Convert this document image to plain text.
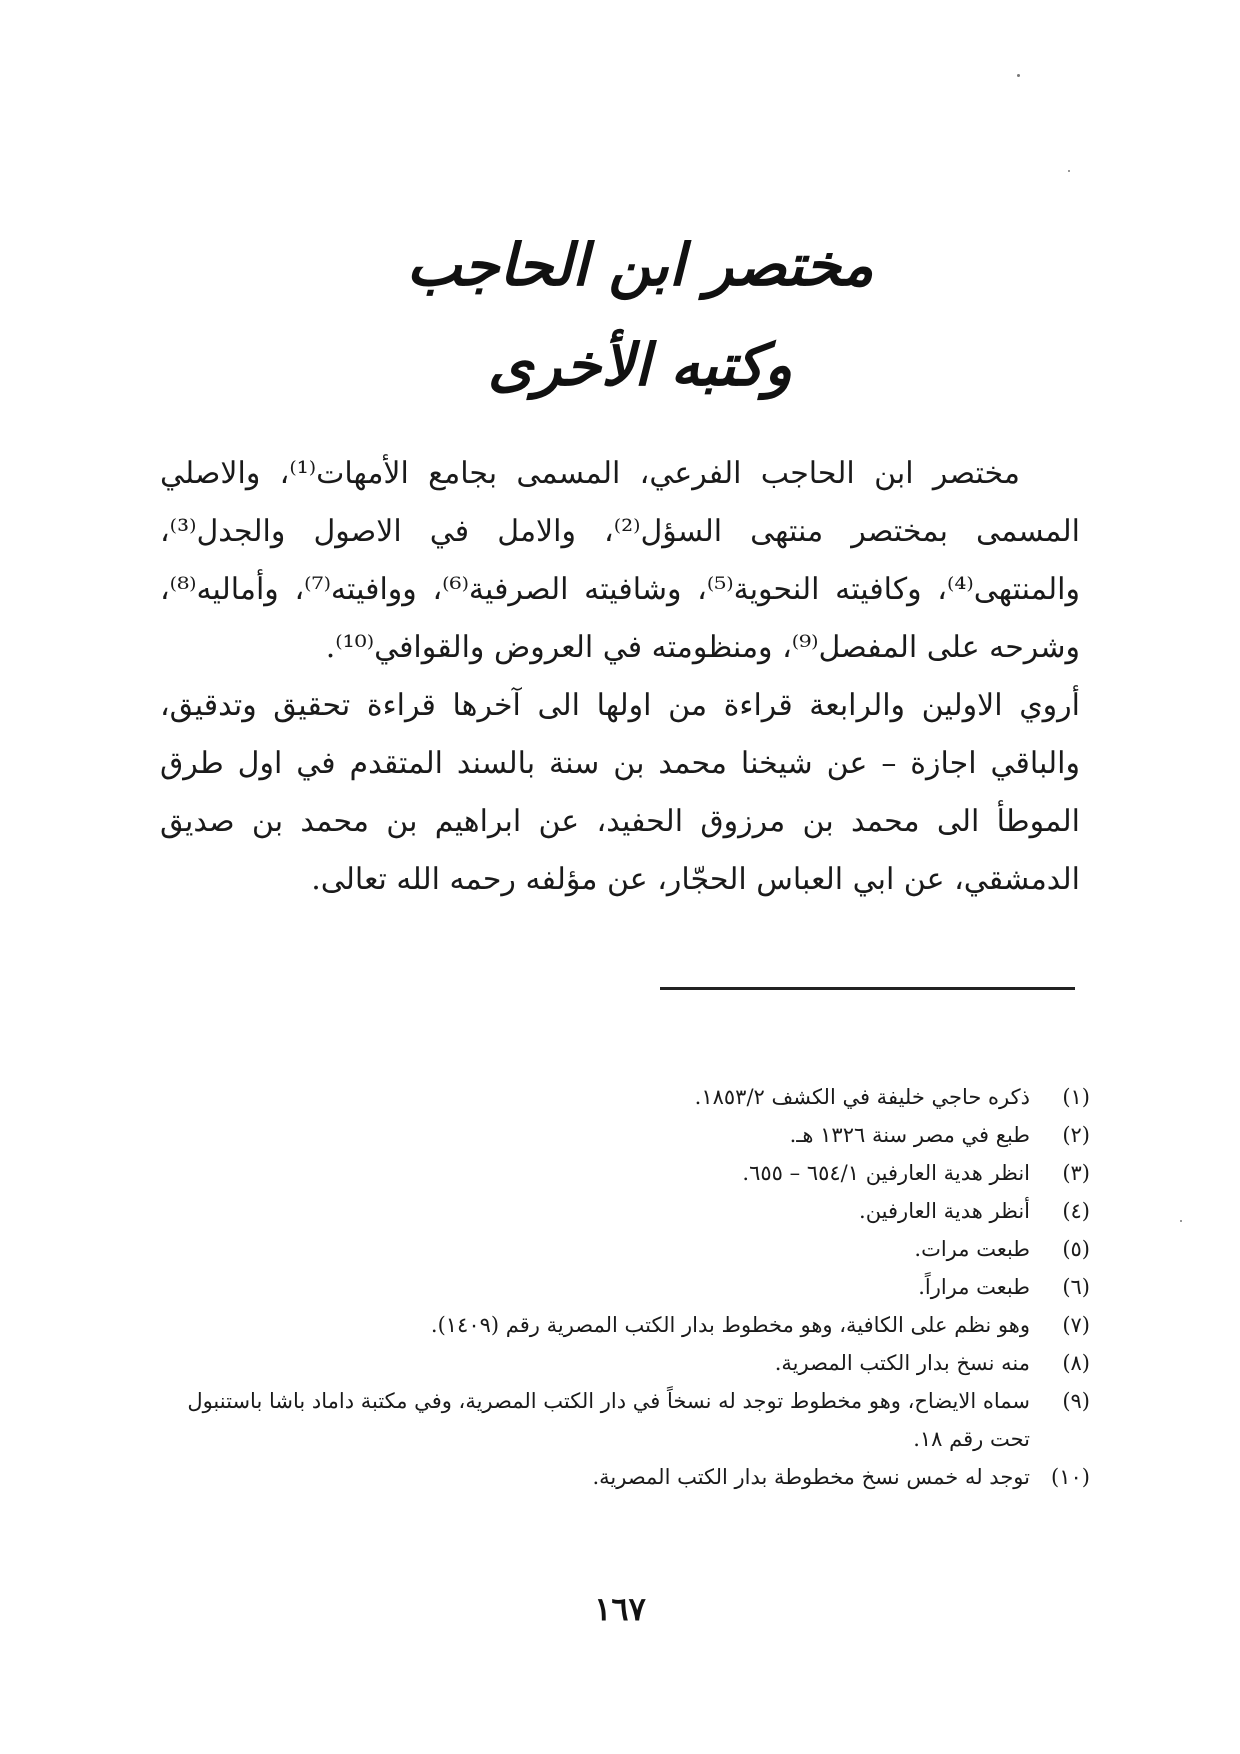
مختصر ابن الحاجب وكتبه الأخرى

مختصر ابن الحاجب الفرعي، المسمى بجامع الأمهات⁽¹⁾، والاصلي المسمى بمختصر منتهى السؤل⁽²⁾، والامل في الاصول والجدل⁽³⁾، والمنتهى⁽⁴⁾، وكافيته النحوية⁽⁵⁾، وشافيته الصرفية⁽⁶⁾، ووافيته⁽⁷⁾، وأماليه⁽⁸⁾، وشرحه على المفصل⁽⁹⁾، ومنظومته في العروض والقوافي⁽¹⁰⁾.

أروي الاولين والرابعة قراءة من اولها الى آخرها قراءة تحقيق وتدقيق، والباقي اجازة – عن شيخنا محمد بن سنة بالسند المتقدم في اول طرق الموطأ الى محمد بن مرزوق الحفيد، عن ابراهيم بن محمد بن صديق الدمشقي، عن ابي العباس الحجّار، عن مؤلفه رحمه الله تعالى.

(١)
ذكره حاجي خليفة في الكشف ١٨٥٣/٢.
(٢)
طبع في مصر سنة ١٣٢٦ هـ.
(٣)
انظر هدية العارفين ٦٥٤/١ – ٦٥٥.
(٤)
أنظر هدية العارفين.
(٥)
طبعت مرات.
(٦)
طبعت مراراً.
(٧)
وهو نظم على الكافية، وهو مخطوط بدار الكتب المصرية رقم (١٤٠٩).
(٨)
منه نسخ بدار الكتب المصرية.
(٩)
سماه الايضاح، وهو مخطوط توجد له نسخاً في دار الكتب المصرية، وفي مكتبة داماد باشا باستنبول تحت رقم ١٨.
(١٠)
توجد له خمس نسخ مخطوطة بدار الكتب المصرية.
١٦٧
